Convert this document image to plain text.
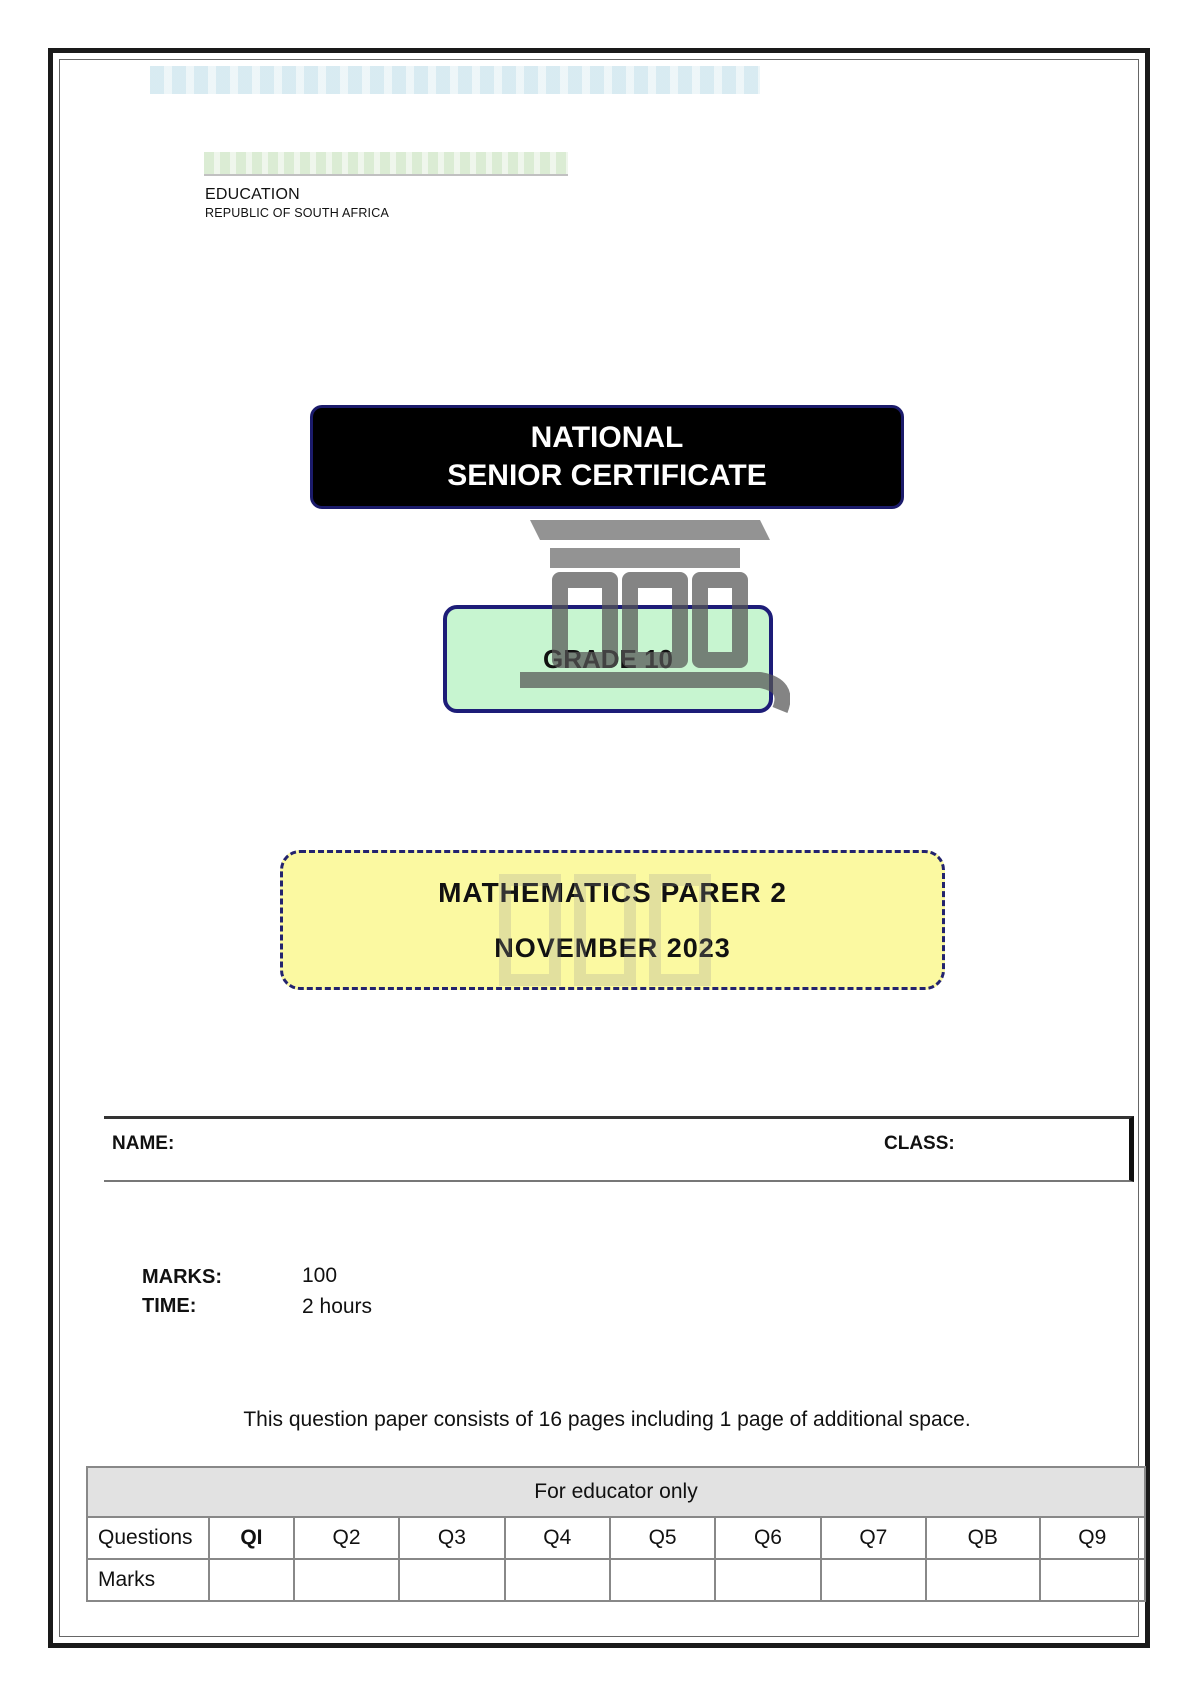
EDUCATION
REPUBLIC OF SOUTH AFRICA
NATIONAL
SENIOR CERTIFICATE
GRADE 10
MATHEMATICS PARER 2
NOVEMBER 2023
NAME:	CLASS:
MARKS:	100
TIME:	2 hours
This question paper consists of 16 pages including 1 page of additional space.
For educator only									
Questions	QI	Q2	Q3	Q4	Q5	Q6	Q7	QB	Q9
Marks									
